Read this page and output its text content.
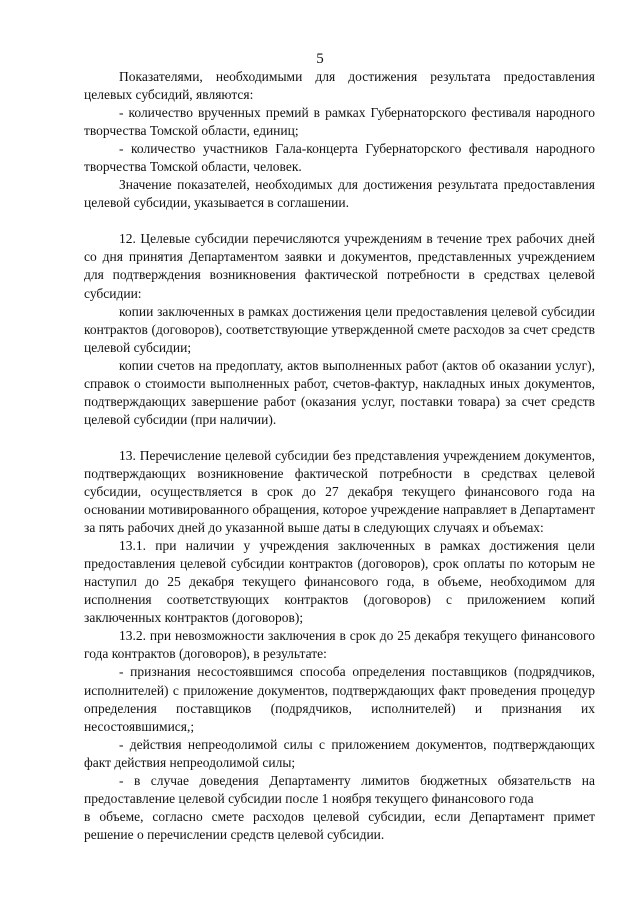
5

Показателями, необходимыми для достижения результата предоставления целевых субсидий, являются:

- количество врученных премий в рамках Губернаторского фестиваля народного творчества Томской области, единиц;

- количество участников Гала-концерта Губернаторского фестиваля народного творчества Томской области, человек.

Значение показателей, необходимых для достижения результата предоставления целевой субсидии, указывается в соглашении.

12. Целевые субсидии перечисляются учреждениям в течение трех рабочих дней со дня принятия Департаментом заявки и документов, представленных учреждением для подтверждения возникновения фактической потребности в средствах целевой субсидии:

копии заключенных в рамках достижения цели предоставления целевой субсидии контрактов (договоров), соответствующие утвержденной смете расходов за счет средств целевой субсидии;

копии счетов на предоплату, актов выполненных работ (актов об оказании услуг), справок о стоимости выполненных работ, счетов-фактур, накладных иных документов, подтверждающих завершение работ (оказания услуг, поставки товара) за счет средств целевой субсидии (при наличии).

13. Перечисление целевой субсидии без представления учреждением документов, подтверждающих возникновение фактической потребности в средствах целевой субсидии, осуществляется в срок до 27 декабря текущего финансового года на основании мотивированного обращения, которое учреждение направляет в Департамент за пять рабочих дней до указанной выше даты в следующих случаях и объемах:

13.1. при наличии у учреждения заключенных в рамках достижения цели предоставления целевой субсидии контрактов (договоров), срок оплаты по которым не наступил до 25 декабря текущего финансового года, в объеме, необходимом для исполнения соответствующих контрактов (договоров) с приложением копий заключенных контрактов (договоров);

13.2. при невозможности заключения в срок до 25 декабря текущего финансового года контрактов (договоров), в результате:

- признания несостоявшимся способа определения поставщиков (подрядчиков, исполнителей) с приложение документов, подтверждающих факт проведения процедур определения поставщиков (подрядчиков, исполнителей) и признания их несостоявшимися,;

- действия непреодолимой силы с приложением документов, подтверждающих факт действия непреодолимой силы;

- в случае доведения Департаменту лимитов бюджетных обязательств на предоставление целевой субсидии после 1 ноября текущего финансового года

в объеме, согласно смете расходов целевой субсидии, если Департамент примет решение о перечислении средств целевой субсидии.
